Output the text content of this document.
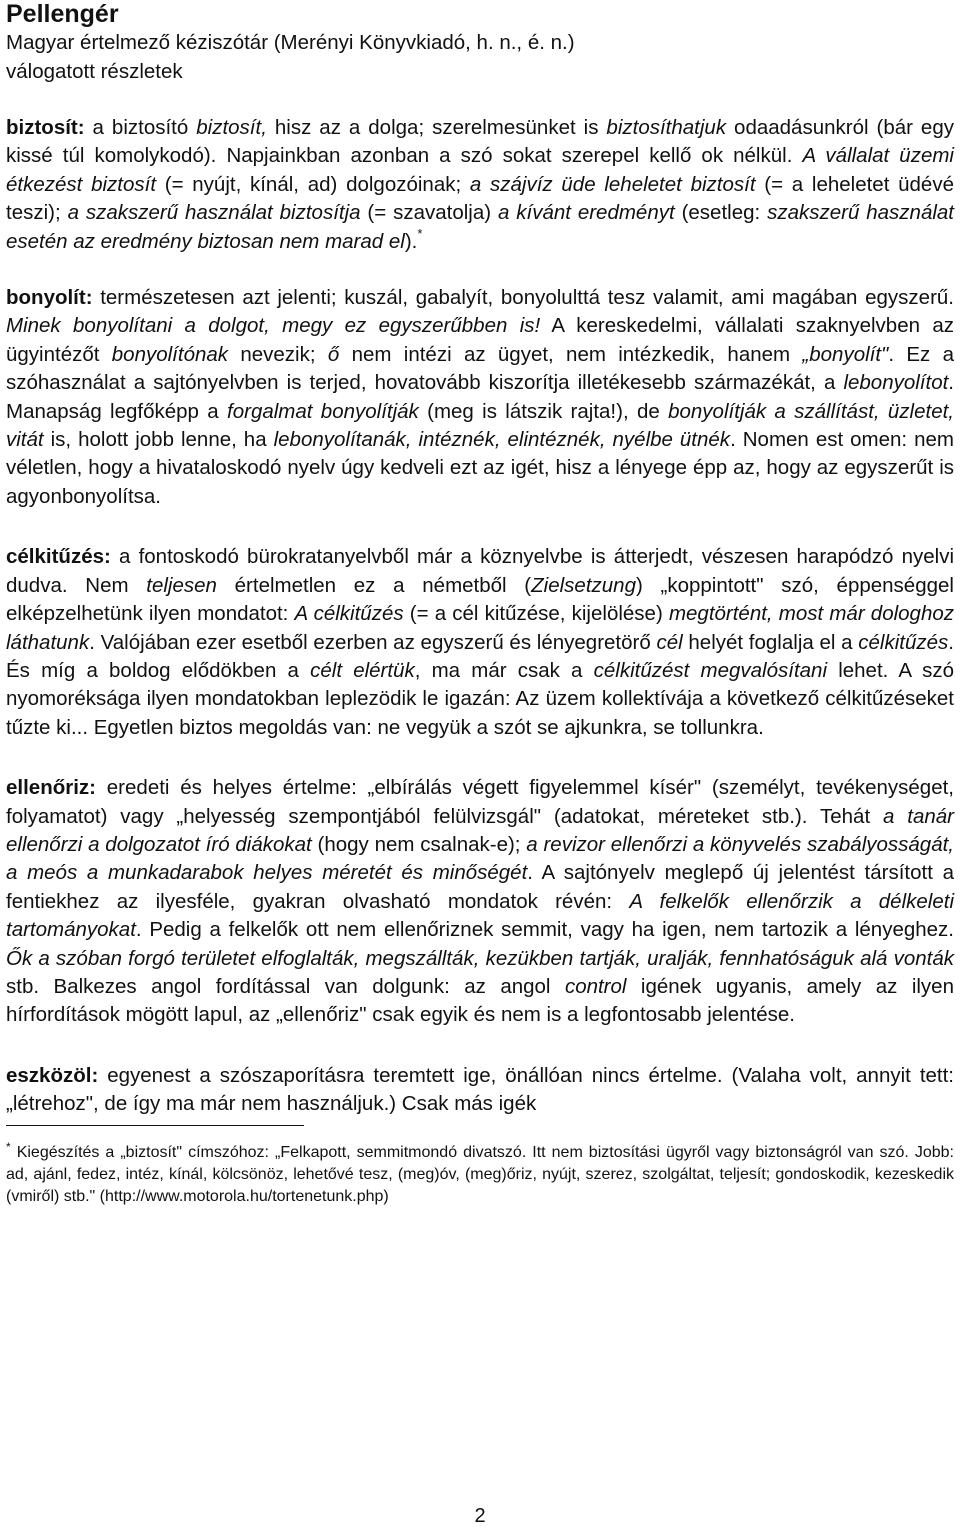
Pellengér
Magyar értelmező kéziszótár (Merényi Könyvkiadó, h. n., é. n.)
válogatott részletek

biztosít: a biztosító biztosít, hisz az a dolga; szerelmesünket is biztosíthatjuk odaadásunkról (bár egy kissé túl komolykodó). Napjainkban azonban a szó sokat szerepel kellő ok nélkül. A vállalat üzemi étkezést biztosít (= nyújt, kínál, ad) dolgozóinak; a szájvíz üde leheletet biztosít (= a leheletet üdévé teszi); a szakszerű használat biztosítja (= szavatolja) a kívánt eredményt (esetleg: szakszerű használat esetén az eredmény biztosan nem marad el).*

bonyolít: természetesen azt jelenti; kuszál, gabalyít, bonyolulttá tesz valamit, ami magában egyszerű. Minek bonyolítani a dolgot, megy ez egyszerűbben is! A kereskedelmi, vállalati szaknyelvben az ügyintézőt bonyolítónak nevezik; ő nem intézi az ügyet, nem intézkedik, hanem „bonyolít". Ez a szóhasználat a sajtónyelvben is terjed, hovatovább kiszorítja illetékesebb származékát, a lebonyolítot. Manapság legfőképp a forgalmat bonyolítják (meg is látszik rajta!), de bonyolítják a szállítást, üzletet, vitát is, holott jobb lenne, ha lebonyolítanák, intéznék, elintéznék, nyélbe ütnék. Nomen est omen: nem véletlen, hogy a hivataloskodó nyelv úgy kedveli ezt az igét, hisz a lényege épp az, hogy az egyszerűt is agyonbonyolítsa.

célkitűzés: a fontoskodó bürokratanyelvből már a köznyelvbe is átterjedt, vészesen harapódzó nyelvi dudva. Nem teljesen értelmetlen ez a németből (Zielsetzung) „koppintott" szó, éppenséggel elképzelhetünk ilyen mondatot: A célkitűzés (= a cél kitűzése, kijelölése) megtörtént, most már dologhoz láthatunk. Valójában ezer esetből ezerben az egyszerű és lényegretörő cél helyét foglalja el a célkitűzés. És míg a boldog elődökben a célt elértük, ma már csak a célkitűzést megvalósítani lehet. A szó nyomoréksága ilyen mondatokban leplezödik le igazán: Az üzem kollektívája a következő célkitűzéseket tűzte ki... Egyetlen biztos megoldás van: ne vegyük a szót se ajkunkra, se tollunkra.

ellenőriz: eredeti és helyes értelme: „elbírálás végett figyelemmel kísér" (személyt, tevékenységet, folyamatot) vagy „helyesség szempontjából felülvizsgál" (adatokat, méreteket stb.). Tehát a tanár ellenőrzi a dolgozatot író diákokat (hogy nem csalnak-e); a revizor ellenőrzi a könyvelés szabályosságát, a meós a munkadarabok helyes méretét és minőségét. A sajtónyelv meglepő új jelentést társított a fentiekhez az ilyesféle, gyakran olvasható mondatok révén: A felkelők ellenőrzik a délkeleti tartományokat. Pedig a felkelők ott nem ellenőriznek semmit, vagy ha igen, nem tartozik a lényeghez. Ők a szóban forgó területet elfoglalták, megszállták, kezükben tartják, uralják, fennhatóságuk alá vonták stb. Balkezes angol fordítással van dolgunk: az angol control igének ugyanis, amely az ilyen hírfordítások mögött lapul, az „ellenőriz" csak egyik és nem is a legfontosabb jelentése.

eszközöl: egyenest a szószaporításra teremtett ige, önállóan nincs értelme. (Valaha volt, annyit tett: „létrehoz", de így ma már nem használjuk.) Csak más igék

* Kiegészítés a „biztosít" címszóhoz: „Felkapott, semmitmondó divatszó. Itt nem biztosítási ügyről vagy biztonságról van szó. Jobb: ad, ajánl, fedez, intéz, kínál, kölcsönöz, lehetővé tesz, (meg)óv, (meg)őriz, nyújt, szerez, szolgáltat, teljesít; gondoskodik, kezeskedik (vmiről) stb." (http://www.motorola.hu/tortenetunk.php)

2
